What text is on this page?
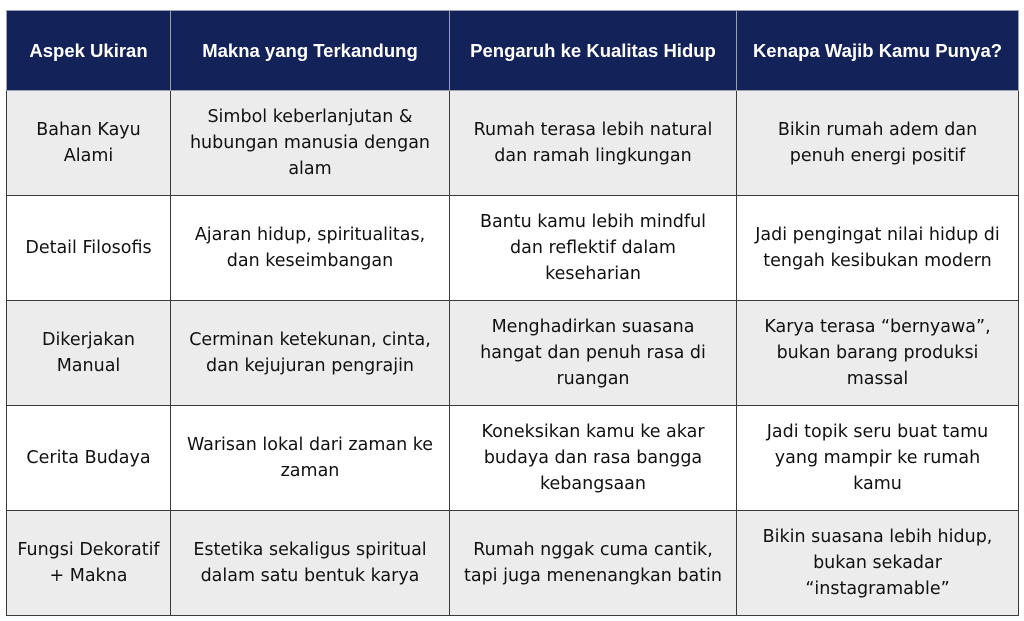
Aspek Ukiran	Makna yang Terkandung	Pengaruh ke Kualitas Hidup	Kenapa Wajib Kamu Punya?
Bahan Kayu Alami	Simbol keberlanjutan & hubungan manusia dengan alam	Rumah terasa lebih natural dan ramah lingkungan	Bikin rumah adem dan penuh energi positif
Detail Filosofis	Ajaran hidup, spiritualitas, dan keseimbangan	Bantu kamu lebih mindful dan reflektif dalam keseharian	Jadi pengingat nilai hidup di tengah kesibukan modern
Dikerjakan Manual	Cerminan ketekunan, cinta, dan kejujuran pengrajin	Menghadirkan suasana hangat dan penuh rasa di ruangan	Karya terasa “bernyawa”, bukan barang produksi massal
Cerita Budaya	Warisan lokal dari zaman ke zaman	Koneksikan kamu ke akar budaya dan rasa bangga kebangsaan	Jadi topik seru buat tamu yang mampir ke rumah kamu
Fungsi Dekoratif + Makna	Estetika sekaligus spiritual dalam satu bentuk karya	Rumah nggak cuma cantik, tapi juga menenangkan batin	Bikin suasana lebih hidup, bukan sekadar “instagramable”
